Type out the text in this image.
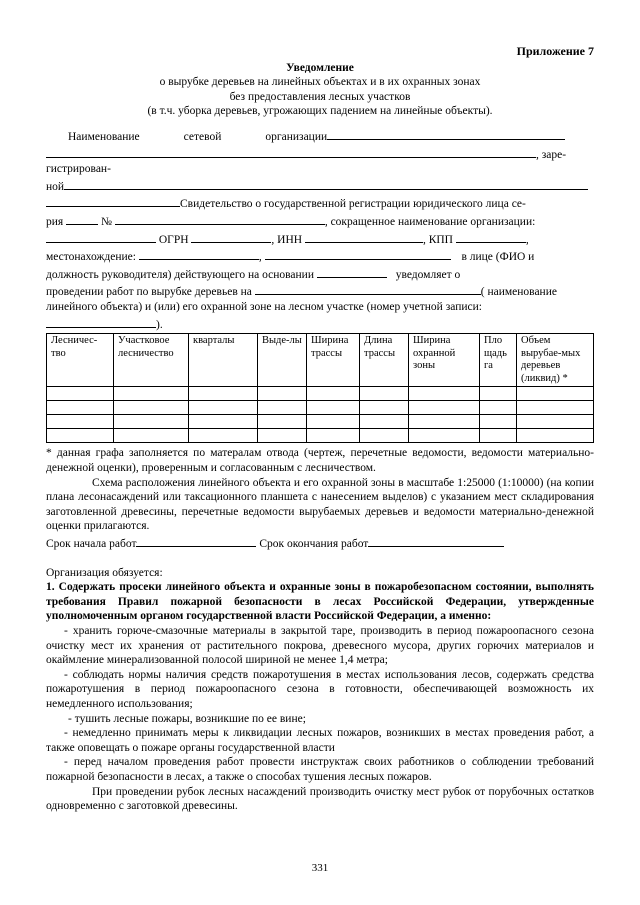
Приложение 7
Уведомление
о вырубке деревьев на линейных объектах и в их охранных зонах
без предоставления лесных участков
(в т.ч. уборка деревьев, угрожающих падением на линейные объекты).
Наименование	сетевой	организации
, заре-
гистрирован-
ной
Свидетельство о государственной регистрации юридического лица се-
рия	№	, сокращенное наименование организации:
ОГРН	, ИНН	, КПП	,
местонахождение:	,	в лице (ФИО и
должность руководителя) действующего на основании	уведомляет о
проведении работ по вырубке деревьев на	( наименование
линейного объекта) и (или) его охранной зоне на лесном участке (номер учетной записи:
).
Лесничес-тво	Участковое лесничество	кварталы	Выде-лы	Ширина трассы	Длина трассы	Ширина охранной зоны	Пло щадь га	Объем вырубае-мых деревьев (ликвид) *

* данная графа заполняется по матералам отвода (чертеж, перечетные ведомости, ведомости материально-денежной оценки), проверенным и согласованным с лесничеством.
Схема расположения линейного объекта и его охранной зоны в масштабе 1:25000 (1:10000) (на копии плана лесонасаждений или таксационного планшета с нанесением выделов) с указанием мест складирования заготовленной древесины, перечетные ведомости вырубаемых деревьев и ведомости материально-денежной оценки прилагаются.
Срок начала работ	Срок окончания работ
Организация обязуется:
1. Содержать просеки линейного объекта и охранные зоны в пожаробезопасном состоянии, выполнять требования Правил пожарной безопасности в лесах Российской Федерации, утвержденные уполномоченным органом государственной власти Российской Федерации, а именно:
- хранить горюче-смазочные материалы в закрытой таре, производить в период пожароопасного сезона очистку мест их хранения от растительного покрова, древесного мусора, других горючих материалов и окаймление минерализованной полосой шириной не менее 1,4 метра;
- соблюдать нормы наличия средств пожаротушения в местах использования лесов, содержать средства пожаротушения в период пожароопасного сезона в готовности, обеспечивающей возможность их немедленного использования;
- тушить лесные пожары, возникшие по ее вине;
- немедленно принимать меры к ликвидации лесных пожаров, возникших в местах проведения работ, а также оповещать о пожаре органы государственной власти
- перед началом проведения работ провести инструктаж своих работников о соблюдении требований пожарной безопасности в лесах, а также о способах тушения лесных пожаров.
При проведении рубок лесных насаждений производить очистку мест рубок от порубочных остатков одновременно с заготовкой древесины.
331
